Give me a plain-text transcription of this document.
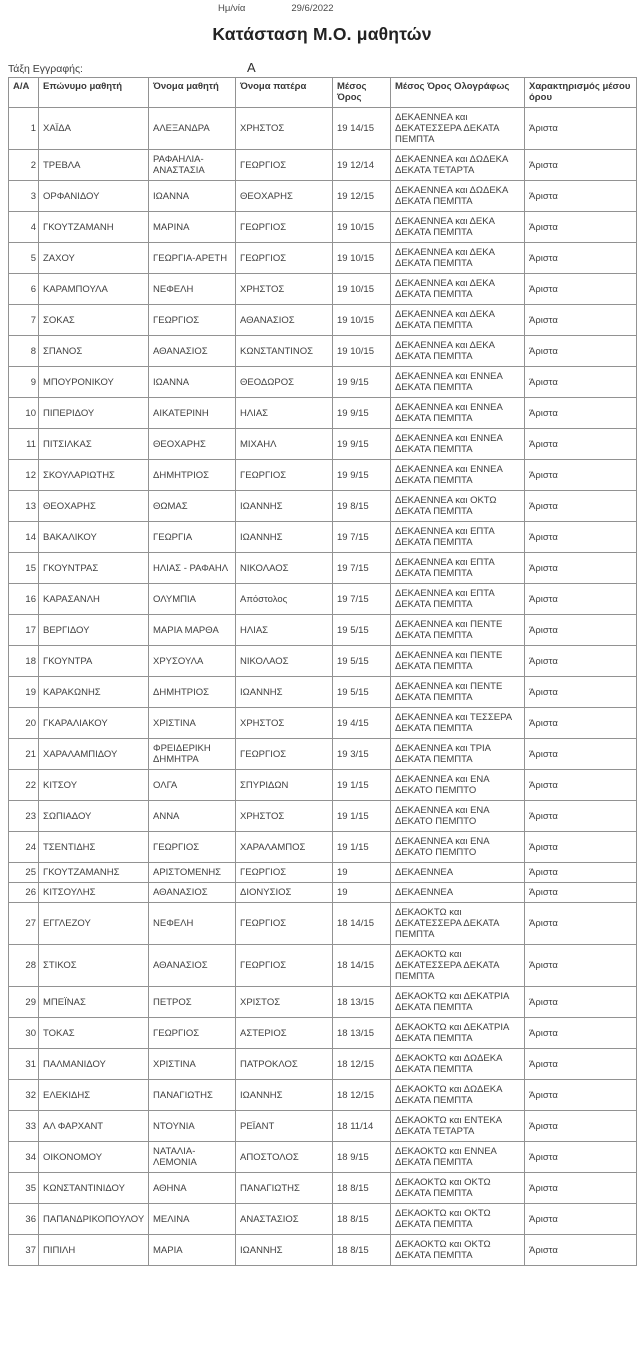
Ημ/νία	29/6/2022
Κατάσταση Μ.Ο. μαθητών
Τάξη Εγγραφής:	Α
Α/Α	Επώνυμο μαθητή	Όνομα μαθητή	Όνομα πατέρα	Μέσος Όρος	Μέσος Όρος Ολογράφως	Χαρακτηρισμός μέσου όρου
1	ΧΑΪΔΑ	ΑΛΕΞΑΝΔΡΑ	ΧΡΗΣΤΟΣ	19 14/15	ΔΕΚΑΕΝΝΕΑ και ΔΕΚΑΤΕΣΣΕΡΑ ΔΕΚΑΤΑ ΠΕΜΠΤΑ	Άριστα
2	ΤΡΕΒΛΑ	ΡΑΦΑΗΛΙΑ-ΑΝΑΣΤΑΣΙΑ	ΓΕΩΡΓΙΟΣ	19 12/14	ΔΕΚΑΕΝΝΕΑ και ΔΩΔΕΚΑ ΔΕΚΑΤΑ ΤΕΤΑΡΤΑ	Άριστα
3	ΟΡΦΑΝΙΔΟΥ	ΙΩΑΝΝΑ	ΘΕΟΧΑΡΗΣ	19 12/15	ΔΕΚΑΕΝΝΕΑ και ΔΩΔΕΚΑ ΔΕΚΑΤΑ ΠΕΜΠΤΑ	Άριστα
4	ΓΚΟΥΤΖΑΜΑΝΗ	ΜΑΡΙΝΑ	ΓΕΩΡΓΙΟΣ	19 10/15	ΔΕΚΑΕΝΝΕΑ και ΔΕΚΑ ΔΕΚΑΤΑ ΠΕΜΠΤΑ	Άριστα
5	ΖΑΧΟΥ	ΓΕΩΡΓΙΑ-ΑΡΕΤΗ	ΓΕΩΡΓΙΟΣ	19 10/15	ΔΕΚΑΕΝΝΕΑ και ΔΕΚΑ ΔΕΚΑΤΑ ΠΕΜΠΤΑ	Άριστα
6	ΚΑΡΑΜΠΟΥΛΑ	ΝΕΦΕΛΗ	ΧΡΗΣΤΟΣ	19 10/15	ΔΕΚΑΕΝΝΕΑ και ΔΕΚΑ ΔΕΚΑΤΑ ΠΕΜΠΤΑ	Άριστα
7	ΣΟΚΑΣ	ΓΕΩΡΓΙΟΣ	ΑΘΑΝΑΣΙΟΣ	19 10/15	ΔΕΚΑΕΝΝΕΑ και ΔΕΚΑ ΔΕΚΑΤΑ ΠΕΜΠΤΑ	Άριστα
8	ΣΠΑΝΟΣ	ΑΘΑΝΑΣΙΟΣ	ΚΩΝΣΤΑΝΤΙΝΟΣ	19 10/15	ΔΕΚΑΕΝΝΕΑ και ΔΕΚΑ ΔΕΚΑΤΑ ΠΕΜΠΤΑ	Άριστα
9	ΜΠΟΥΡΟΝΙΚΟΥ	ΙΩΑΝΝΑ	ΘΕΟΔΩΡΟΣ	19 9/15	ΔΕΚΑΕΝΝΕΑ και ΕΝΝΕΑ ΔΕΚΑΤΑ ΠΕΜΠΤΑ	Άριστα
10	ΠΙΠΕΡΙΔΟΥ	ΑΙΚΑΤΕΡΙΝΗ	ΗΛΙΑΣ	19 9/15	ΔΕΚΑΕΝΝΕΑ και ΕΝΝΕΑ ΔΕΚΑΤΑ ΠΕΜΠΤΑ	Άριστα
11	ΠΙΤΣΙΛΚΑΣ	ΘΕΟΧΑΡΗΣ	ΜΙΧΑΗΛ	19 9/15	ΔΕΚΑΕΝΝΕΑ και ΕΝΝΕΑ ΔΕΚΑΤΑ ΠΕΜΠΤΑ	Άριστα
12	ΣΚΟΥΛΑΡΙΩΤΗΣ	ΔΗΜΗΤΡΙΟΣ	ΓΕΩΡΓΙΟΣ	19 9/15	ΔΕΚΑΕΝΝΕΑ και ΕΝΝΕΑ ΔΕΚΑΤΑ ΠΕΜΠΤΑ	Άριστα
13	ΘΕΟΧΑΡΗΣ	ΘΩΜΑΣ	ΙΩΑΝΝΗΣ	19 8/15	ΔΕΚΑΕΝΝΕΑ και ΟΚΤΩ ΔΕΚΑΤΑ ΠΕΜΠΤΑ	Άριστα
14	ΒΑΚΑΛΙΚΟΥ	ΓΕΩΡΓΙΑ	ΙΩΑΝΝΗΣ	19 7/15	ΔΕΚΑΕΝΝΕΑ και ΕΠΤΑ ΔΕΚΑΤΑ ΠΕΜΠΤΑ	Άριστα
15	ΓΚΟΥΝΤΡΑΣ	ΗΛΙΑΣ - ΡΑΦΑΗΛ	ΝΙΚΟΛΑΟΣ	19 7/15	ΔΕΚΑΕΝΝΕΑ και ΕΠΤΑ ΔΕΚΑΤΑ ΠΕΜΠΤΑ	Άριστα
16	ΚΑΡΑΣΑΝΛΗ	ΟΛΥΜΠΙΑ	Απόστολος	19 7/15	ΔΕΚΑΕΝΝΕΑ και ΕΠΤΑ ΔΕΚΑΤΑ ΠΕΜΠΤΑ	Άριστα
17	ΒΕΡΓΙΔΟΥ	ΜΑΡΙΑ ΜΑΡΘΑ	ΗΛΙΑΣ	19 5/15	ΔΕΚΑΕΝΝΕΑ και ΠΕΝΤΕ ΔΕΚΑΤΑ ΠΕΜΠΤΑ	Άριστα
18	ΓΚΟΥΝΤΡΑ	ΧΡΥΣΟΥΛΑ	ΝΙΚΟΛΑΟΣ	19 5/15	ΔΕΚΑΕΝΝΕΑ και ΠΕΝΤΕ ΔΕΚΑΤΑ ΠΕΜΠΤΑ	Άριστα
19	ΚΑΡΑΚΩΝΗΣ	ΔΗΜΗΤΡΙΟΣ	ΙΩΑΝΝΗΣ	19 5/15	ΔΕΚΑΕΝΝΕΑ και ΠΕΝΤΕ ΔΕΚΑΤΑ ΠΕΜΠΤΑ	Άριστα
20	ΓΚΑΡΑΛΙΑΚΟΥ	ΧΡΙΣΤΙΝΑ	ΧΡΗΣΤΟΣ	19 4/15	ΔΕΚΑΕΝΝΕΑ και ΤΕΣΣΕΡΑ ΔΕΚΑΤΑ ΠΕΜΠΤΑ	Άριστα
21	ΧΑΡΑΛΑΜΠΙΔΟΥ	ΦΡΕΙΔΕΡΙΚΗ ΔΗΜΗΤΡΑ	ΓΕΩΡΓΙΟΣ	19 3/15	ΔΕΚΑΕΝΝΕΑ και ΤΡΙΑ ΔΕΚΑΤΑ ΠΕΜΠΤΑ	Άριστα
22	ΚΙΤΣΟΥ	ΟΛΓΑ	ΣΠΥΡΙΔΩΝ	19 1/15	ΔΕΚΑΕΝΝΕΑ και ΕΝΑ ΔΕΚΑΤΟ ΠΕΜΠΤΟ	Άριστα
23	ΣΩΠΙΑΔΟΥ	ΑΝΝΑ	ΧΡΗΣΤΟΣ	19 1/15	ΔΕΚΑΕΝΝΕΑ και ΕΝΑ ΔΕΚΑΤΟ ΠΕΜΠΤΟ	Άριστα
24	ΤΣΕΝΤΙΔΗΣ	ΓΕΩΡΓΙΟΣ	ΧΑΡΑΛΑΜΠΟΣ	19 1/15	ΔΕΚΑΕΝΝΕΑ και ΕΝΑ ΔΕΚΑΤΟ ΠΕΜΠΤΟ	Άριστα
25	ΓΚΟΥΤΖΑΜΑΝΗΣ	ΑΡΙΣΤΟΜΕΝΗΣ	ΓΕΩΡΓΙΟΣ	19	ΔΕΚΑΕΝΝΕΑ	Άριστα
26	ΚΙΤΣΟΥΛΗΣ	ΑΘΑΝΑΣΙΟΣ	ΔΙΟΝΥΣΙΟΣ	19	ΔΕΚΑΕΝΝΕΑ	Άριστα
27	ΕΓΓΛΕΖΟΥ	ΝΕΦΕΛΗ	ΓΕΩΡΓΙΟΣ	18 14/15	ΔΕΚΑΟΚΤΩ και ΔΕΚΑΤΕΣΣΕΡΑ ΔΕΚΑΤΑ ΠΕΜΠΤΑ	Άριστα
28	ΣΤΙΚΟΣ	ΑΘΑΝΑΣΙΟΣ	ΓΕΩΡΓΙΟΣ	18 14/15	ΔΕΚΑΟΚΤΩ και ΔΕΚΑΤΕΣΣΕΡΑ ΔΕΚΑΤΑ ΠΕΜΠΤΑ	Άριστα
29	ΜΠΕΪΝΑΣ	ΠΕΤΡΟΣ	ΧΡΙΣΤΟΣ	18 13/15	ΔΕΚΑΟΚΤΩ και ΔΕΚΑΤΡΙΑ ΔΕΚΑΤΑ ΠΕΜΠΤΑ	Άριστα
30	ΤΟΚΑΣ	ΓΕΩΡΓΙΟΣ	ΑΣΤΕΡΙΟΣ	18 13/15	ΔΕΚΑΟΚΤΩ και ΔΕΚΑΤΡΙΑ ΔΕΚΑΤΑ ΠΕΜΠΤΑ	Άριστα
31	ΠΑΛΜΑΝΙΔΟΥ	ΧΡΙΣΤΙΝΑ	ΠΑΤΡΟΚΛΟΣ	18 12/15	ΔΕΚΑΟΚΤΩ και ΔΩΔΕΚΑ ΔΕΚΑΤΑ ΠΕΜΠΤΑ	Άριστα
32	ΕΛΕΚΙΔΗΣ	ΠΑΝΑΓΙΩΤΗΣ	ΙΩΑΝΝΗΣ	18 12/15	ΔΕΚΑΟΚΤΩ και ΔΩΔΕΚΑ ΔΕΚΑΤΑ ΠΕΜΠΤΑ	Άριστα
33	ΑΛ ΦΑΡΧΑΝΤ	ΝΤΟΥΝΙΑ	ΡΕΪΑΝΤ	18 11/14	ΔΕΚΑΟΚΤΩ και ΕΝΤΕΚΑ ΔΕΚΑΤΑ ΤΕΤΑΡΤΑ	Άριστα
34	ΟΙΚΟΝΟΜΟΥ	ΝΑΤΑΛΙΑ-ΛΕΜΟΝΙΑ	ΑΠΟΣΤΟΛΟΣ	18 9/15	ΔΕΚΑΟΚΤΩ και ΕΝΝΕΑ ΔΕΚΑΤΑ ΠΕΜΠΤΑ	Άριστα
35	ΚΩΝΣΤΑΝΤΙΝΙΔΟΥ	ΑΘΗΝΑ	ΠΑΝΑΓΙΩΤΗΣ	18 8/15	ΔΕΚΑΟΚΤΩ και ΟΚΤΩ ΔΕΚΑΤΑ ΠΕΜΠΤΑ	Άριστα
36	ΠΑΠΑΝΔΡΙΚΟΠΟΥΛΟΥ	ΜΕΛΙΝΑ	ΑΝΑΣΤΑΣΙΟΣ	18 8/15	ΔΕΚΑΟΚΤΩ και ΟΚΤΩ ΔΕΚΑΤΑ ΠΕΜΠΤΑ	Άριστα
37	ΠΙΠΙΛΗ	ΜΑΡΙΑ	ΙΩΑΝΝΗΣ	18 8/15	ΔΕΚΑΟΚΤΩ και ΟΚΤΩ ΔΕΚΑΤΑ ΠΕΜΠΤΑ	Άριστα
